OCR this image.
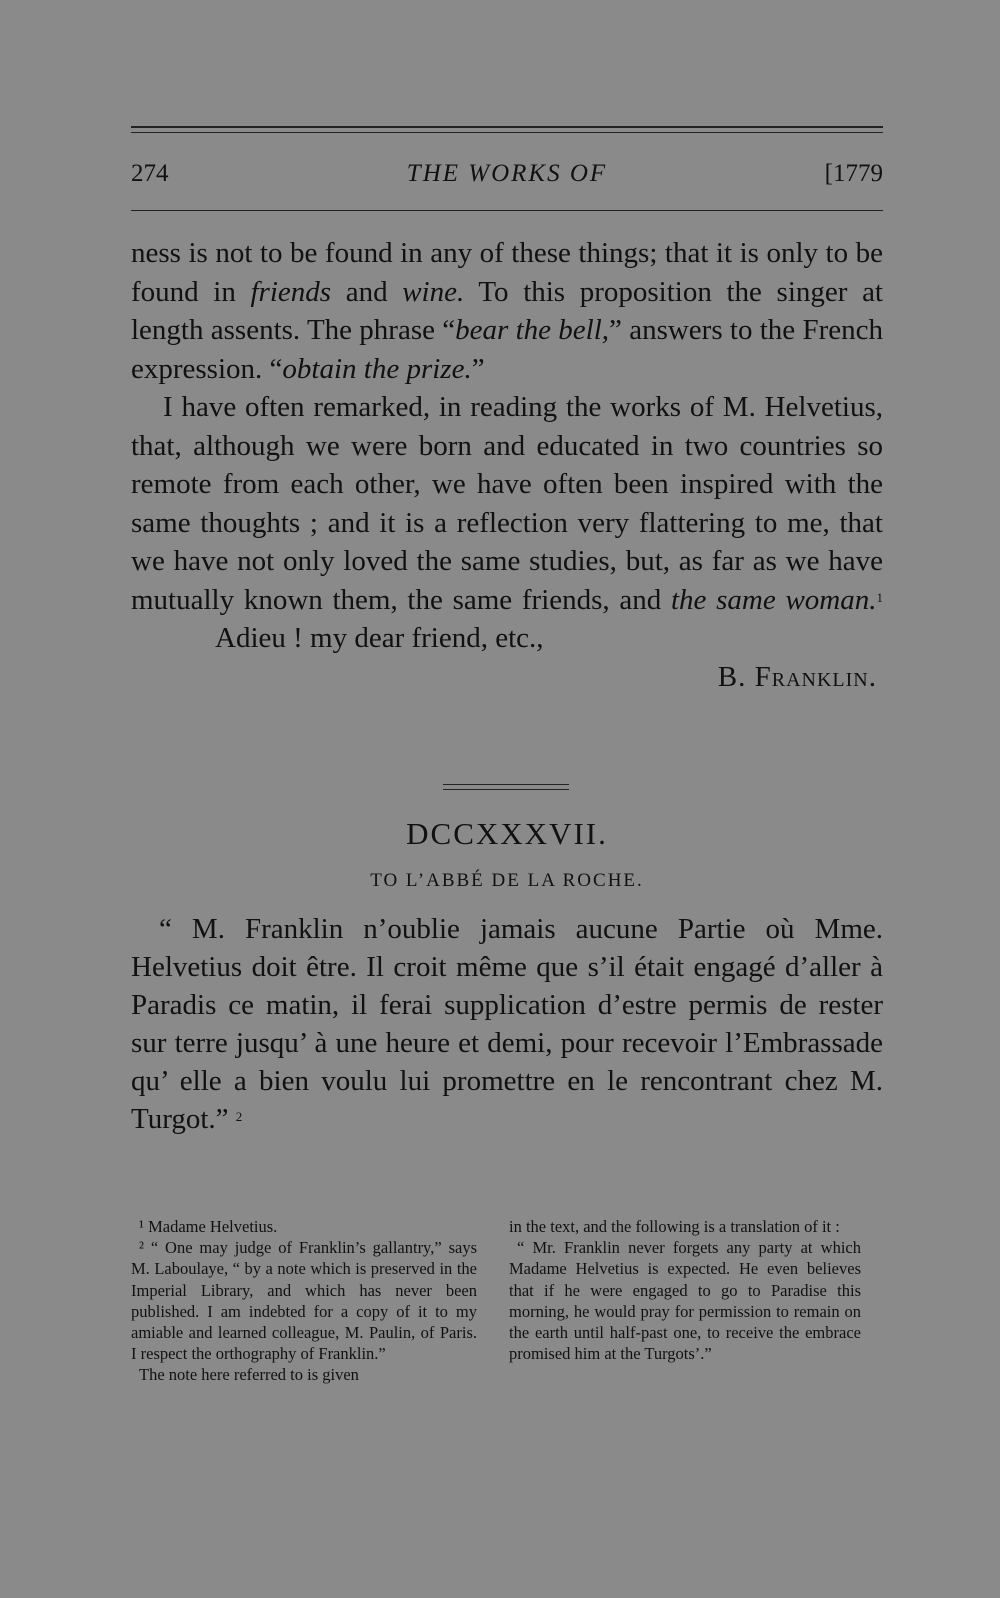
274	THE WORKS OF	[1779

ness is not to be found in any of these things; that it is only to be found in friends and wine. To this proposition the singer at length assents. The phrase “bear the bell,” answers to the French expression. “obtain the prize.”

I have often remarked, in reading the works of M. Helvetius, that, although we were born and educated in two countries so remote from each other, we have often been inspired with the same thoughts ; and it is a reflection very flattering to me, that we have not only loved the same studies, but, as far as we have mutually known them, the same friends, and the same woman.$^1$Adieu ! my dear friend, etc.,

B. Franklin.

DCCXXXVII.
TO L’ABBÉ DE LA ROCHE.

“ M. Franklin n’oublie jamais aucune Partie où Mme. Helvetius doit être. Il croit même que s’il était engagé d’aller à Paradis ce matin, il ferai supplication d’estre permis de rester sur terre jusqu’ à une heure et demi, pour recevoir l’Embrassade qu’ elle a bien voulu lui promettre en le rencontrant chez M. Turgot.” $^2$

¹ Madame Helvetius.

² “ One may judge of Franklin’s gallantry,” says M. Laboulaye, “ by a note which is preserved in the Imperial Library, and which has never been published. I am indebted for a copy of it to my amiable and learned colleague, M. Paulin, of Paris. I respect the orthography of Franklin.”

The note here referred to is given

in the text, and the following is a translation of it :

“ Mr. Franklin never forgets any party at which Madame Helvetius is expected. He even believes that if he were engaged to go to Paradise this morning, he would pray for permission to remain on the earth until half-past one, to receive the embrace promised him at the Turgots’.”
